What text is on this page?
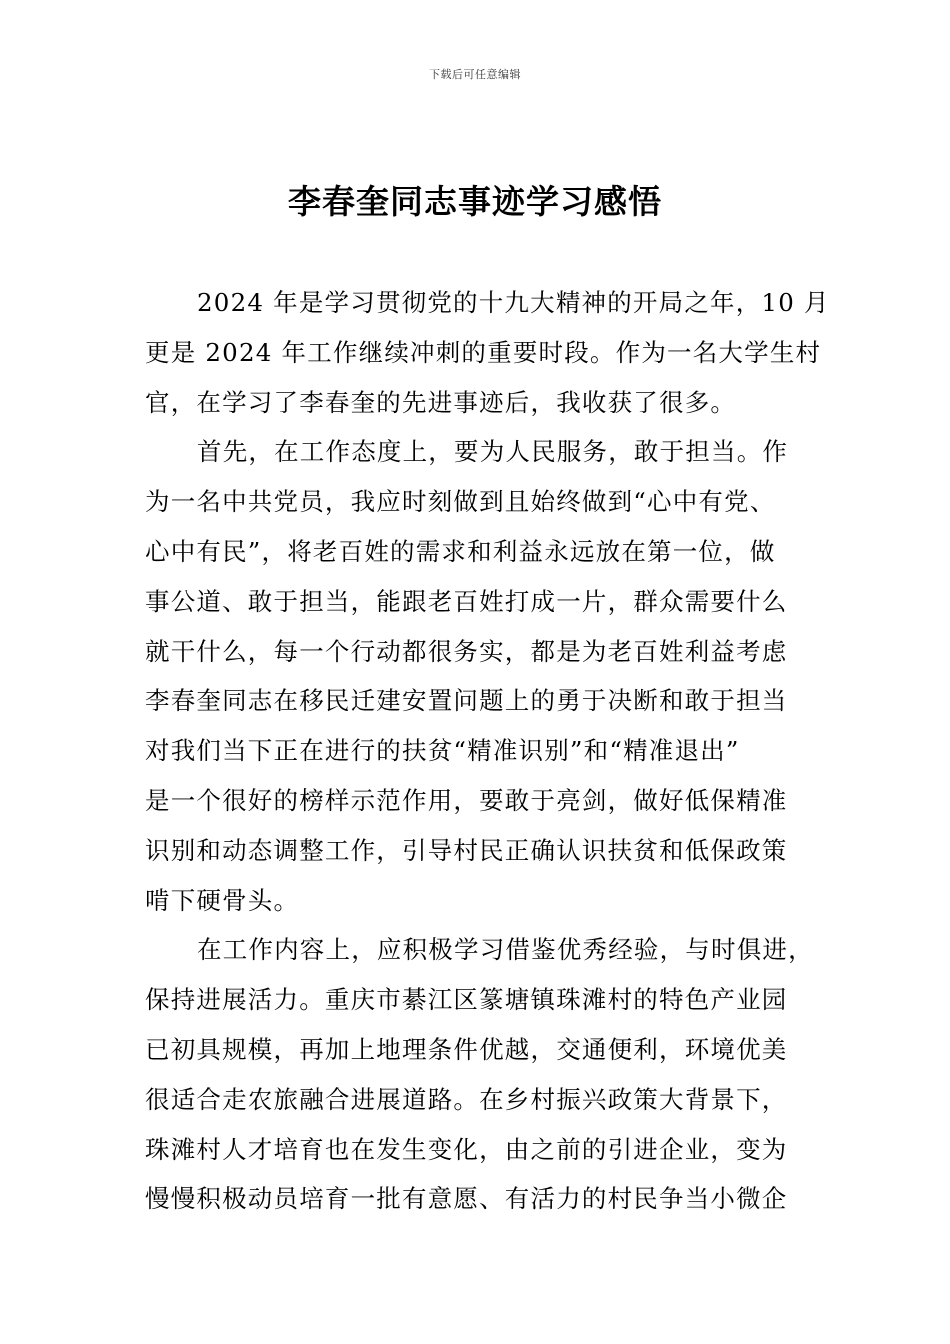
下载后可任意编辑
李春奎同志事迹学习感悟

2024 年是学习贯彻党的十九大精神的开局之年，10 月
更是 2024 年工作继续冲刺的重要时段。作为一名大学生村
官，在学习了李春奎的先进事迹后，我收获了很多。

首先，在工作态度上，要为人民服务，敢于担当。作
为一名中共党员，我应时刻做到且始终做到“心中有党、
心中有民”，将老百姓的需求和利益永远放在第一位，做
事公道、敢于担当，能跟老百姓打成一片，群众需要什么
就干什么，每一个行动都很务实，都是为老百姓利益考虑
李春奎同志在移民迁建安置问题上的勇于决断和敢于担当
对我们当下正在进行的扶贫“精准识别”和“精准退出”
是一个很好的榜样示范作用，要敢于亮剑，做好低保精准
识别和动态调整工作，引导村民正确认识扶贫和低保政策
啃下硬骨头。

在工作内容上，应积极学习借鉴优秀经验，与时俱进，
保持进展活力。重庆市綦江区篆塘镇珠滩村的特色产业园
已初具规模，再加上地理条件优越，交通便利，环境优美
很适合走农旅融合进展道路。在乡村振兴政策大背景下，
珠滩村人才培育也在发生变化，由之前的引进企业，变为
慢慢积极动员培育一批有意愿、有活力的村民争当小微企
